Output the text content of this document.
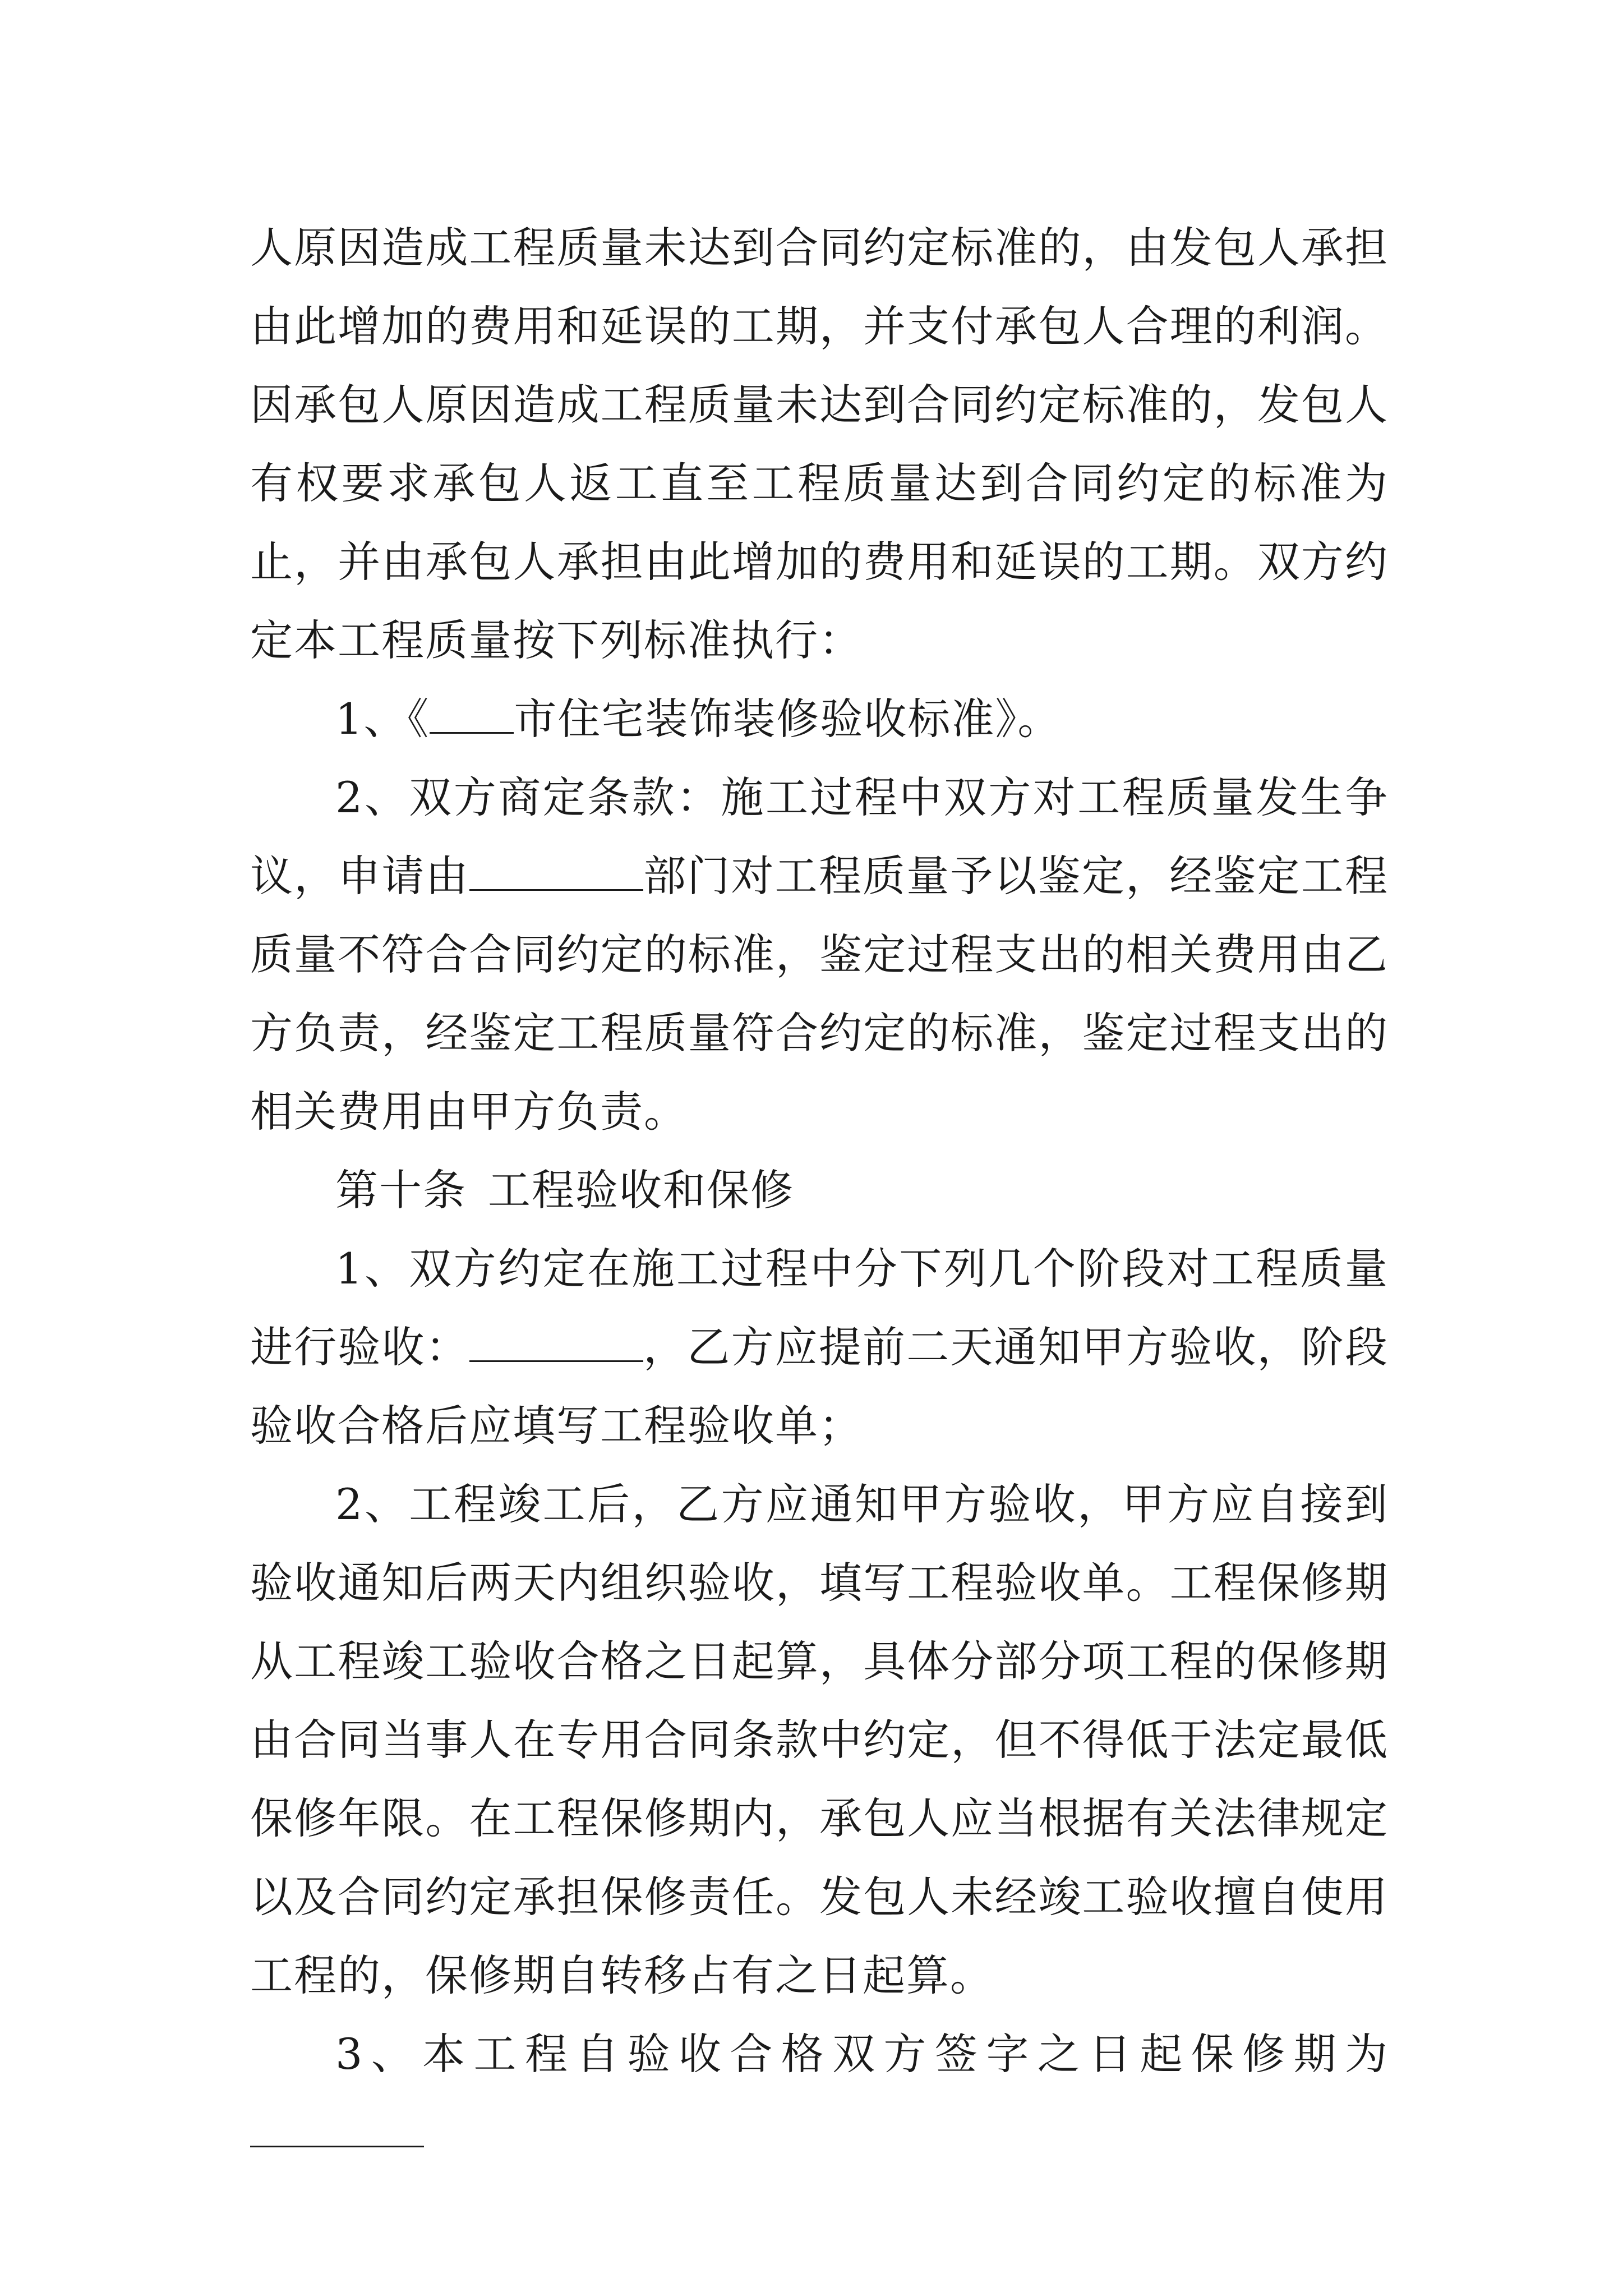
人原因造成工程质量未达到合同约定标准的，由发包人承担由此增加的费用和延误的工期，并支付承包人合理的利润。因承包人原因造成工程质量未达到合同约定标准的，发包人有权要求承包人返工直至工程质量达到合同约定的标准为止，并由承包人承担由此增加的费用和延误的工期。双方约定本工程质量按下列标准执行：

1、《 市住宅装饰装修验收标准》。

2、双方商定条款：施工过程中双方对工程质量发生争议，申请由	部门对工程质量予以鉴定，经鉴定工程质量不符合合同约定的标准，鉴定过程支出的相关费用由乙方负责，经鉴定工程质量符合约定的标准，鉴定过程支出的相关费用由甲方负责。

第十条 工程验收和保修

1、双方约定在施工过程中分下列几个阶段对工程质量进行验收：	，乙方应提前二天通知甲方验收，阶段验收合格后应填写工程验收单；

2、工程竣工后，乙方应通知甲方验收，甲方应自接到验收通知后两天内组织验收，填写工程验收单。工程保修期从工程竣工验收合格之日起算，具体分部分项工程的保修期由合同当事人在专用合同条款中约定，但不得低于法定最低保修年限。在工程保修期内，承包人应当根据有关法律规定以及合同约定承担保修责任。发包人未经竣工验收擅自使用工程的，保修期自转移占有之日起算。

3、本工程自验收合格双方签字之日起保修期为
